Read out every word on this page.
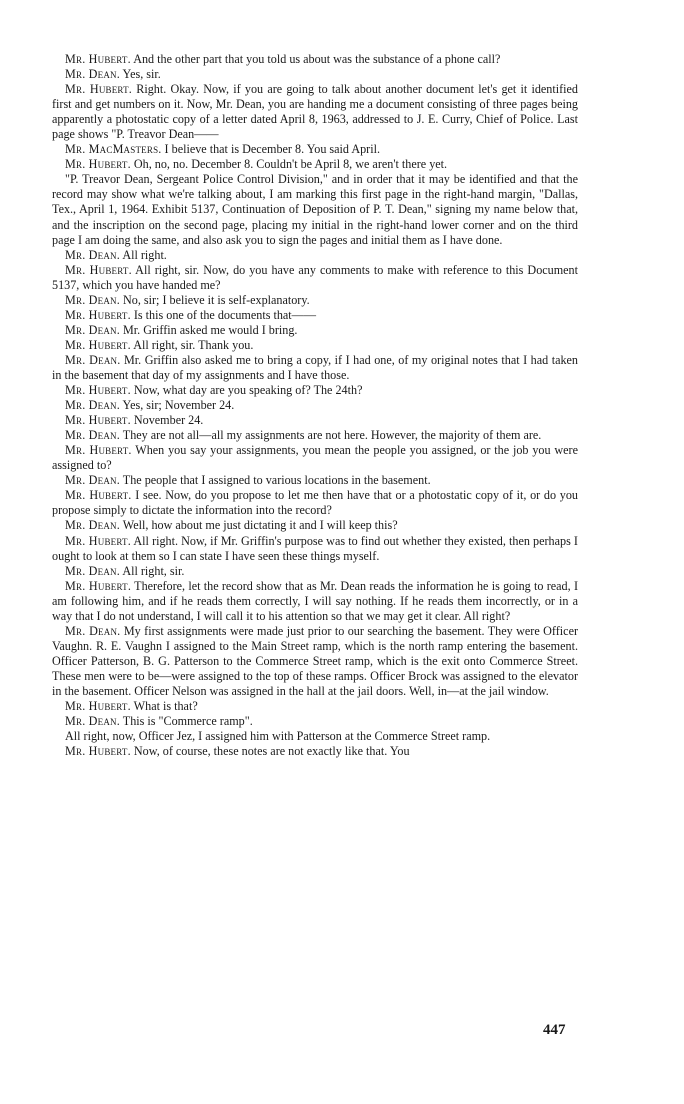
Mr. Hubert. And the other part that you told us about was the substance of a phone call?

Mr. Dean. Yes, sir.

Mr. Hubert. Right. Okay. Now, if you are going to talk about another document let's get it identified first and get numbers on it. Now, Mr. Dean, you are handing me a document consisting of three pages being apparently a photostatic copy of a letter dated April 8, 1963, addressed to J. E. Curry, Chief of Police. Last page shows "P. Treavor Dean——

Mr. MacMasters. I believe that is December 8. You said April.

Mr. Hubert. Oh, no, no. December 8. Couldn't be April 8, we aren't there yet.

"P. Treavor Dean, Sergeant Police Control Division," and in order that it may be identified and that the record may show what we're talking about, I am marking this first page in the right-hand margin, "Dallas, Tex., April 1, 1964. Exhibit 5137, Continuation of Deposition of P. T. Dean," signing my name below that, and the inscription on the second page, placing my initial in the right-hand lower corner and on the third page I am doing the same, and also ask you to sign the pages and initial them as I have done.

Mr. Dean. All right.

Mr. Hubert. All right, sir. Now, do you have any comments to make with reference to this Document 5137, which you have handed me?

Mr. Dean. No, sir; I believe it is self-explanatory.

Mr. Hubert. Is this one of the documents that——

Mr. Dean. Mr. Griffin asked me would I bring.

Mr. Hubert. All right, sir. Thank you.

Mr. Dean. Mr. Griffin also asked me to bring a copy, if I had one, of my original notes that I had taken in the basement that day of my assignments and I have those.

Mr. Hubert. Now, what day are you speaking of? The 24th?

Mr. Dean. Yes, sir; November 24.

Mr. Hubert. November 24.

Mr. Dean. They are not all—all my assignments are not here. However, the majority of them are.

Mr. Hubert. When you say your assignments, you mean the people you assigned, or the job you were assigned to?

Mr. Dean. The people that I assigned to various locations in the basement.

Mr. Hubert. I see. Now, do you propose to let me then have that or a photostatic copy of it, or do you propose simply to dictate the information into the record?

Mr. Dean. Well, how about me just dictating it and I will keep this?

Mr. Hubert. All right. Now, if Mr. Griffin's purpose was to find out whether they existed, then perhaps I ought to look at them so I can state I have seen these things myself.

Mr. Dean. All right, sir.

Mr. Hubert. Therefore, let the record show that as Mr. Dean reads the information he is going to read, I am following him, and if he reads them correctly, I will say nothing. If he reads them incorrectly, or in a way that I do not understand, I will call it to his attention so that we may get it clear. All right?

Mr. Dean. My first assignments were made just prior to our searching the basement. They were Officer Vaughn. R. E. Vaughn I assigned to the Main Street ramp, which is the north ramp entering the basement. Officer Patterson, B. G. Patterson to the Commerce Street ramp, which is the exit onto Commerce Street. These men were to be—were assigned to the top of these ramps. Officer Brock was assigned to the elevator in the basement. Officer Nelson was assigned in the hall at the jail doors. Well, in—at the jail window.

Mr. Hubert. What is that?

Mr. Dean. This is "Commerce ramp".

All right, now, Officer Jez, I assigned him with Patterson at the Commerce Street ramp.

Mr. Hubert. Now, of course, these notes are not exactly like that. You

447
